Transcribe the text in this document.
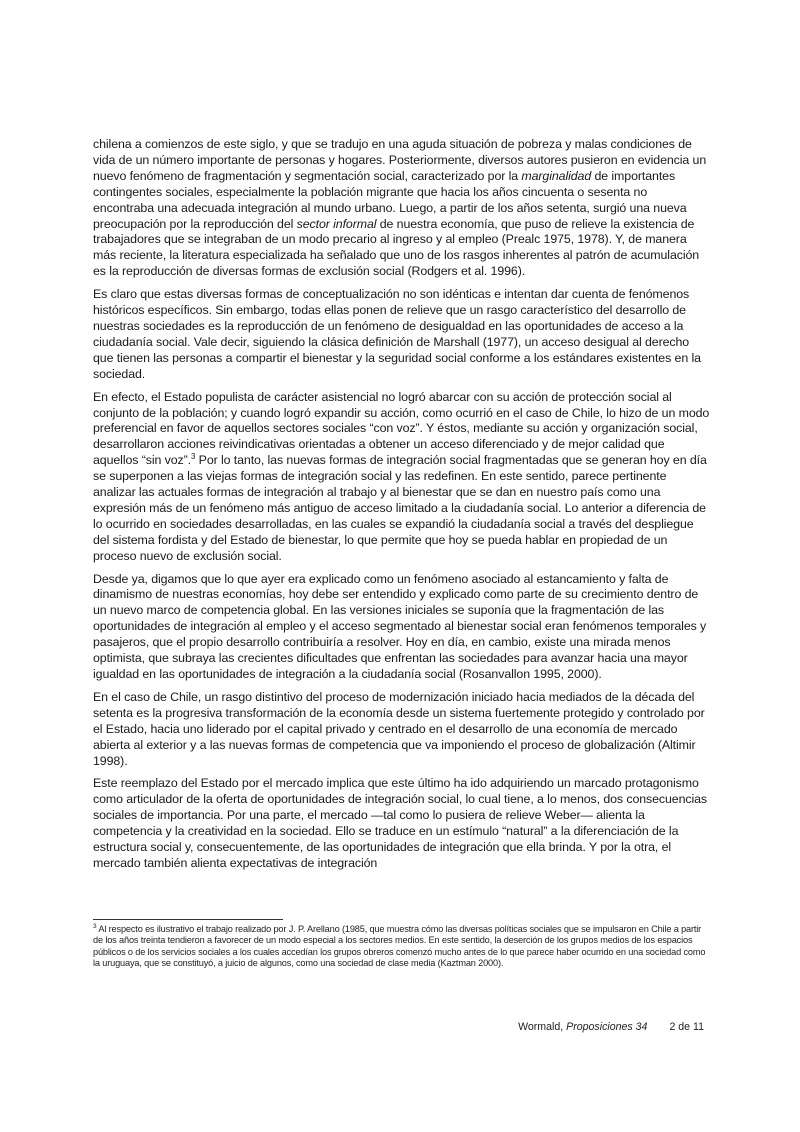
chilena a comienzos de este siglo, y que se tradujo en una aguda situación de pobreza y malas condiciones de vida de un número importante de personas y hogares. Posteriormente, diversos autores pusieron en evidencia un nuevo fenómeno de fragmentación y segmentación social, caracterizado por la marginalidad de importantes contingentes sociales, especialmente la población migrante que hacia los años cincuenta o sesenta no encontraba una adecuada integración al mundo urbano. Luego, a partir de los años setenta, surgió una nueva preocupación por la reproducción del sector informal de nuestra economía, que puso de relieve la existencia de trabajadores que se integraban de un modo precario al ingreso y al empleo (Prealc 1975, 1978). Y, de manera más reciente, la literatura especializada ha señalado que uno de los rasgos inherentes al patrón de acumulación es la reproducción de diversas formas de exclusión social (Rodgers et al. 1996).

Es claro que estas diversas formas de conceptualización no son idénticas e intentan dar cuenta de fenómenos históricos específicos. Sin embargo, todas ellas ponen de relieve que un rasgo característico del desarrollo de nuestras sociedades es la reproducción de un fenómeno de desigualdad en las oportunidades de acceso a la ciudadanía social. Vale decir, siguiendo la clásica definición de Marshall (1977), un acceso desigual al derecho que tienen las personas a compartir el bienestar y la seguridad social conforme a los estándares existentes en la sociedad.

En efecto, el Estado populista de carácter asistencial no logró abarcar con su acción de protección social al conjunto de la población; y cuando logró expandir su acción, como ocurrió en el caso de Chile, lo hizo de un modo preferencial en favor de aquellos sectores sociales “con voz”. Y éstos, mediante su acción y organización social, desarrollaron acciones reivindicativas orientadas a obtener un acceso diferenciado y de mejor calidad que aquellos “sin voz”.$^3$ Por lo tanto, las nuevas formas de integración social fragmentadas que se generan hoy en día se superponen a las viejas formas de integración social y las redefinen. En este sentido, parece pertinente analizar las actuales formas de integración al trabajo y al bienestar que se dan en nuestro país como una expresión más de un fenómeno más antiguo de acceso limitado a la ciudadanía social. Lo anterior a diferencia de lo ocurrido en sociedades desarrolladas, en las cuales se expandió la ciudadanía social a través del despliegue del sistema fordista y del Estado de bienestar, lo que permite que hoy se pueda hablar en propiedad de un proceso nuevo de exclusión social.

Desde ya, digamos que lo que ayer era explicado como un fenómeno asociado al estancamiento y falta de dinamismo de nuestras economías, hoy debe ser entendido y explicado como parte de su crecimiento dentro de un nuevo marco de competencia global. En las versiones iniciales se suponía que la fragmentación de las oportunidades de integración al empleo y el acceso segmentado al bienestar social eran fenómenos temporales y pasajeros, que el propio desarrollo contribuiría a resolver. Hoy en día, en cambio, existe una mirada menos optimista, que subraya las crecientes dificultades que enfrentan las sociedades para avanzar hacia una mayor igualdad en las oportunidades de integración a la ciudadanía social (Rosanvallon 1995, 2000).

En el caso de Chile, un rasgo distintivo del proceso de modernización iniciado hacia mediados de la década del setenta es la progresiva transformación de la economía desde un sistema fuertemente protegido y controlado por el Estado, hacia uno liderado por el capital privado y centrado en el desarrollo de una economía de mercado abierta al exterior y a las nuevas formas de competencia que va imponiendo el proceso de globalización (Altimir 1998).

Este reemplazo del Estado por el mercado implica que este último ha ido adquiriendo un marcado protagonismo como articulador de la oferta de oportunidades de integración social, lo cual tiene, a lo menos, dos consecuencias sociales de importancia. Por una parte, el mercado —tal como lo pusiera de relieve Weber— alienta la competencia y la creatividad en la sociedad. Ello se traduce en un estímulo “natural” a la diferenciación de la estructura social y, consecuentemente, de las oportunidades de integración que ella brinda. Y por la otra, el mercado también alienta expectativas de integración

$^3$ Al respecto es ilustrativo el trabajo realizado por J. P. Arellano (1985, que muestra cómo las diversas políticas sociales que se impulsaron en Chile a partir de los años treinta tendieron a favorecer de un modo especial a los sectores medios. En este sentido, la deserción de los grupos medios de los espacios públicos o de los servicios sociales a los cuales accedían los grupos obreros comenzó mucho antes de lo que parece haber ocurrido en una sociedad como la uruguaya, que se constituyó, a juicio de algunos, como una sociedad de clase media (Kaztman 2000).
Wormald, Proposiciones 34 2 de 11
